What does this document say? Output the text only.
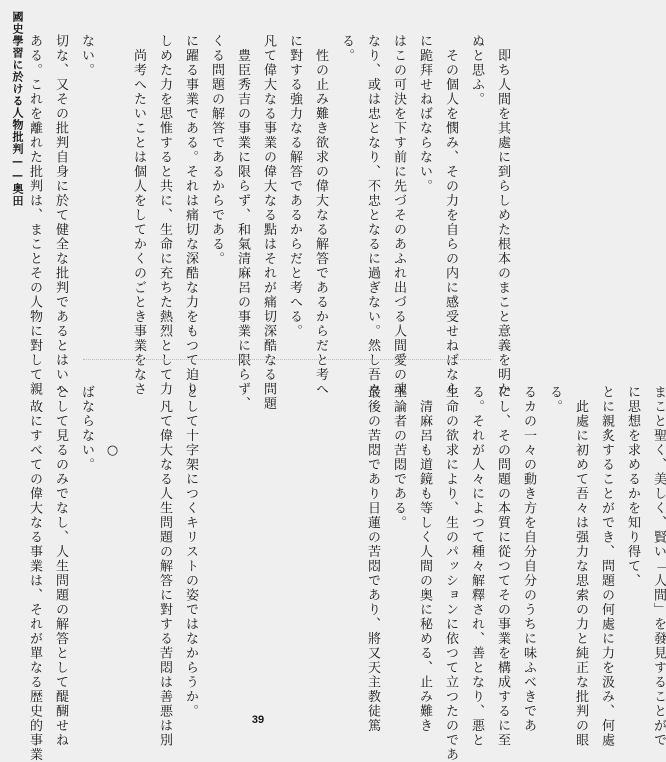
國史學習に於ける人物批判——奥田 ある。これを離れた批判は、まことその人物に對して親 切な、又その批判自身に於て健全な批判であるとはいへ ない。	　尚考へたいことは個人をしてかくのごとき事業をなさ しめた力を思惟すると共に、生命に充ちた熱烈として力 に躍る事業である。それは痛切な深酷な力をもつて迫り くる問題の解答であるからである。 　豊臣秀吉の事業に限らず、和氣清麻呂の事業に限らず、 凡て偉大なる事業の偉大なる點はそれが痛切深酷なる問題 に對する強力なる解答であるからだと考へる。 　性の止み難き欲求の偉大なる解答であるからだと考へ る。
　故にすべての偉大なる事業は、それが單なる歴史的事業 として見るのみでなし、人生問題の解答として醍醐せね ばならない。 　　　　○	　凡て偉大なる人生問題の解答に對する苦悶は善悪は別 として十字架につくキリストの姿ではなからうか。	最後の苦悶であり日蓮の苦悶であり、將又天主教徒篤 王論者の苦悶である。 　清麻呂も道鏡も等しく人間の奥に秘める、止み難き 生命の欲求により、生のパッションに依つて立つたのであ る。それが人々によつて種々解釋され、善となり、悪と
なり、或は忠となり、不忠となるに過ぎない。然し吾々 はこの可決を下す前に先づそのあふれ出づる人間愛の魂 に跪拜せねばならない。 　その個人を憫み、その力を自らの内に感受せねばなら ぬと思ふ。 　即ち人間を其處に到らしめた根本のまこと意義を明か
にし、その問題の本質に從つてその事業を構成するに至 るカの一々の動き方を自分自分のうちに味ふべきであ る。 　此處に初めて吾々は强力な思索の力と純正な批判の眼 とに親炙することができ、問題の何處に力を汲み、何處 に思想を求めるかを知り得て、 まこと聖く、美しく、賢い「人間」を發見することがで
39
